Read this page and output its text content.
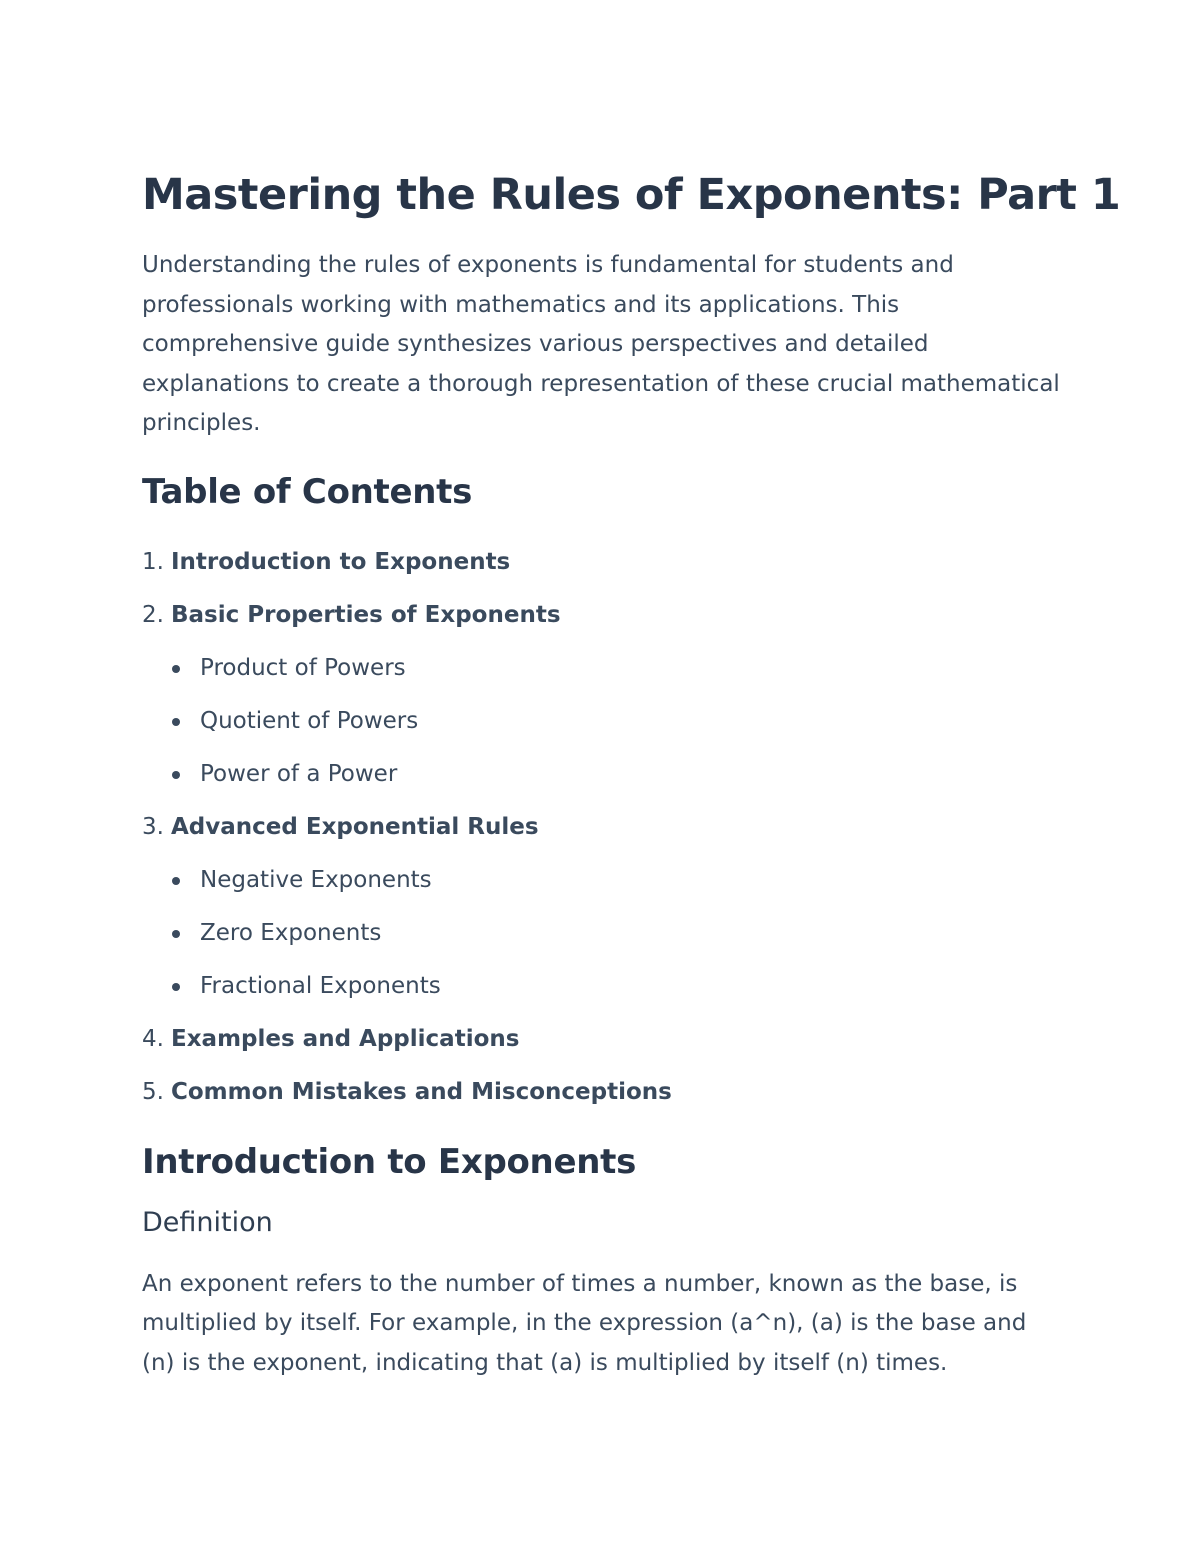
Mastering the Rules of Exponents: Part 1

Understanding the rules of exponents is fundamental for students and professionals working with mathematics and its applications. This comprehensive guide synthesizes various perspectives and detailed explanations to create a thorough representation of these crucial mathematical principles.

Table of Contents
1. Introduction to Exponents
2. Basic Properties of Exponents
Product of Powers
Quotient of Powers
Power of a Power
3. Advanced Exponential Rules
Negative Exponents
Zero Exponents
Fractional Exponents
4. Examples and Applications
5. Common Mistakes and Misconceptions
Introduction to Exponents
Definition

An exponent refers to the number of times a number, known as the base, is multiplied by itself. For example, in the expression (a^n), (a) is the base and (n) is the exponent, indicating that (a) is multiplied by itself (n) times.
